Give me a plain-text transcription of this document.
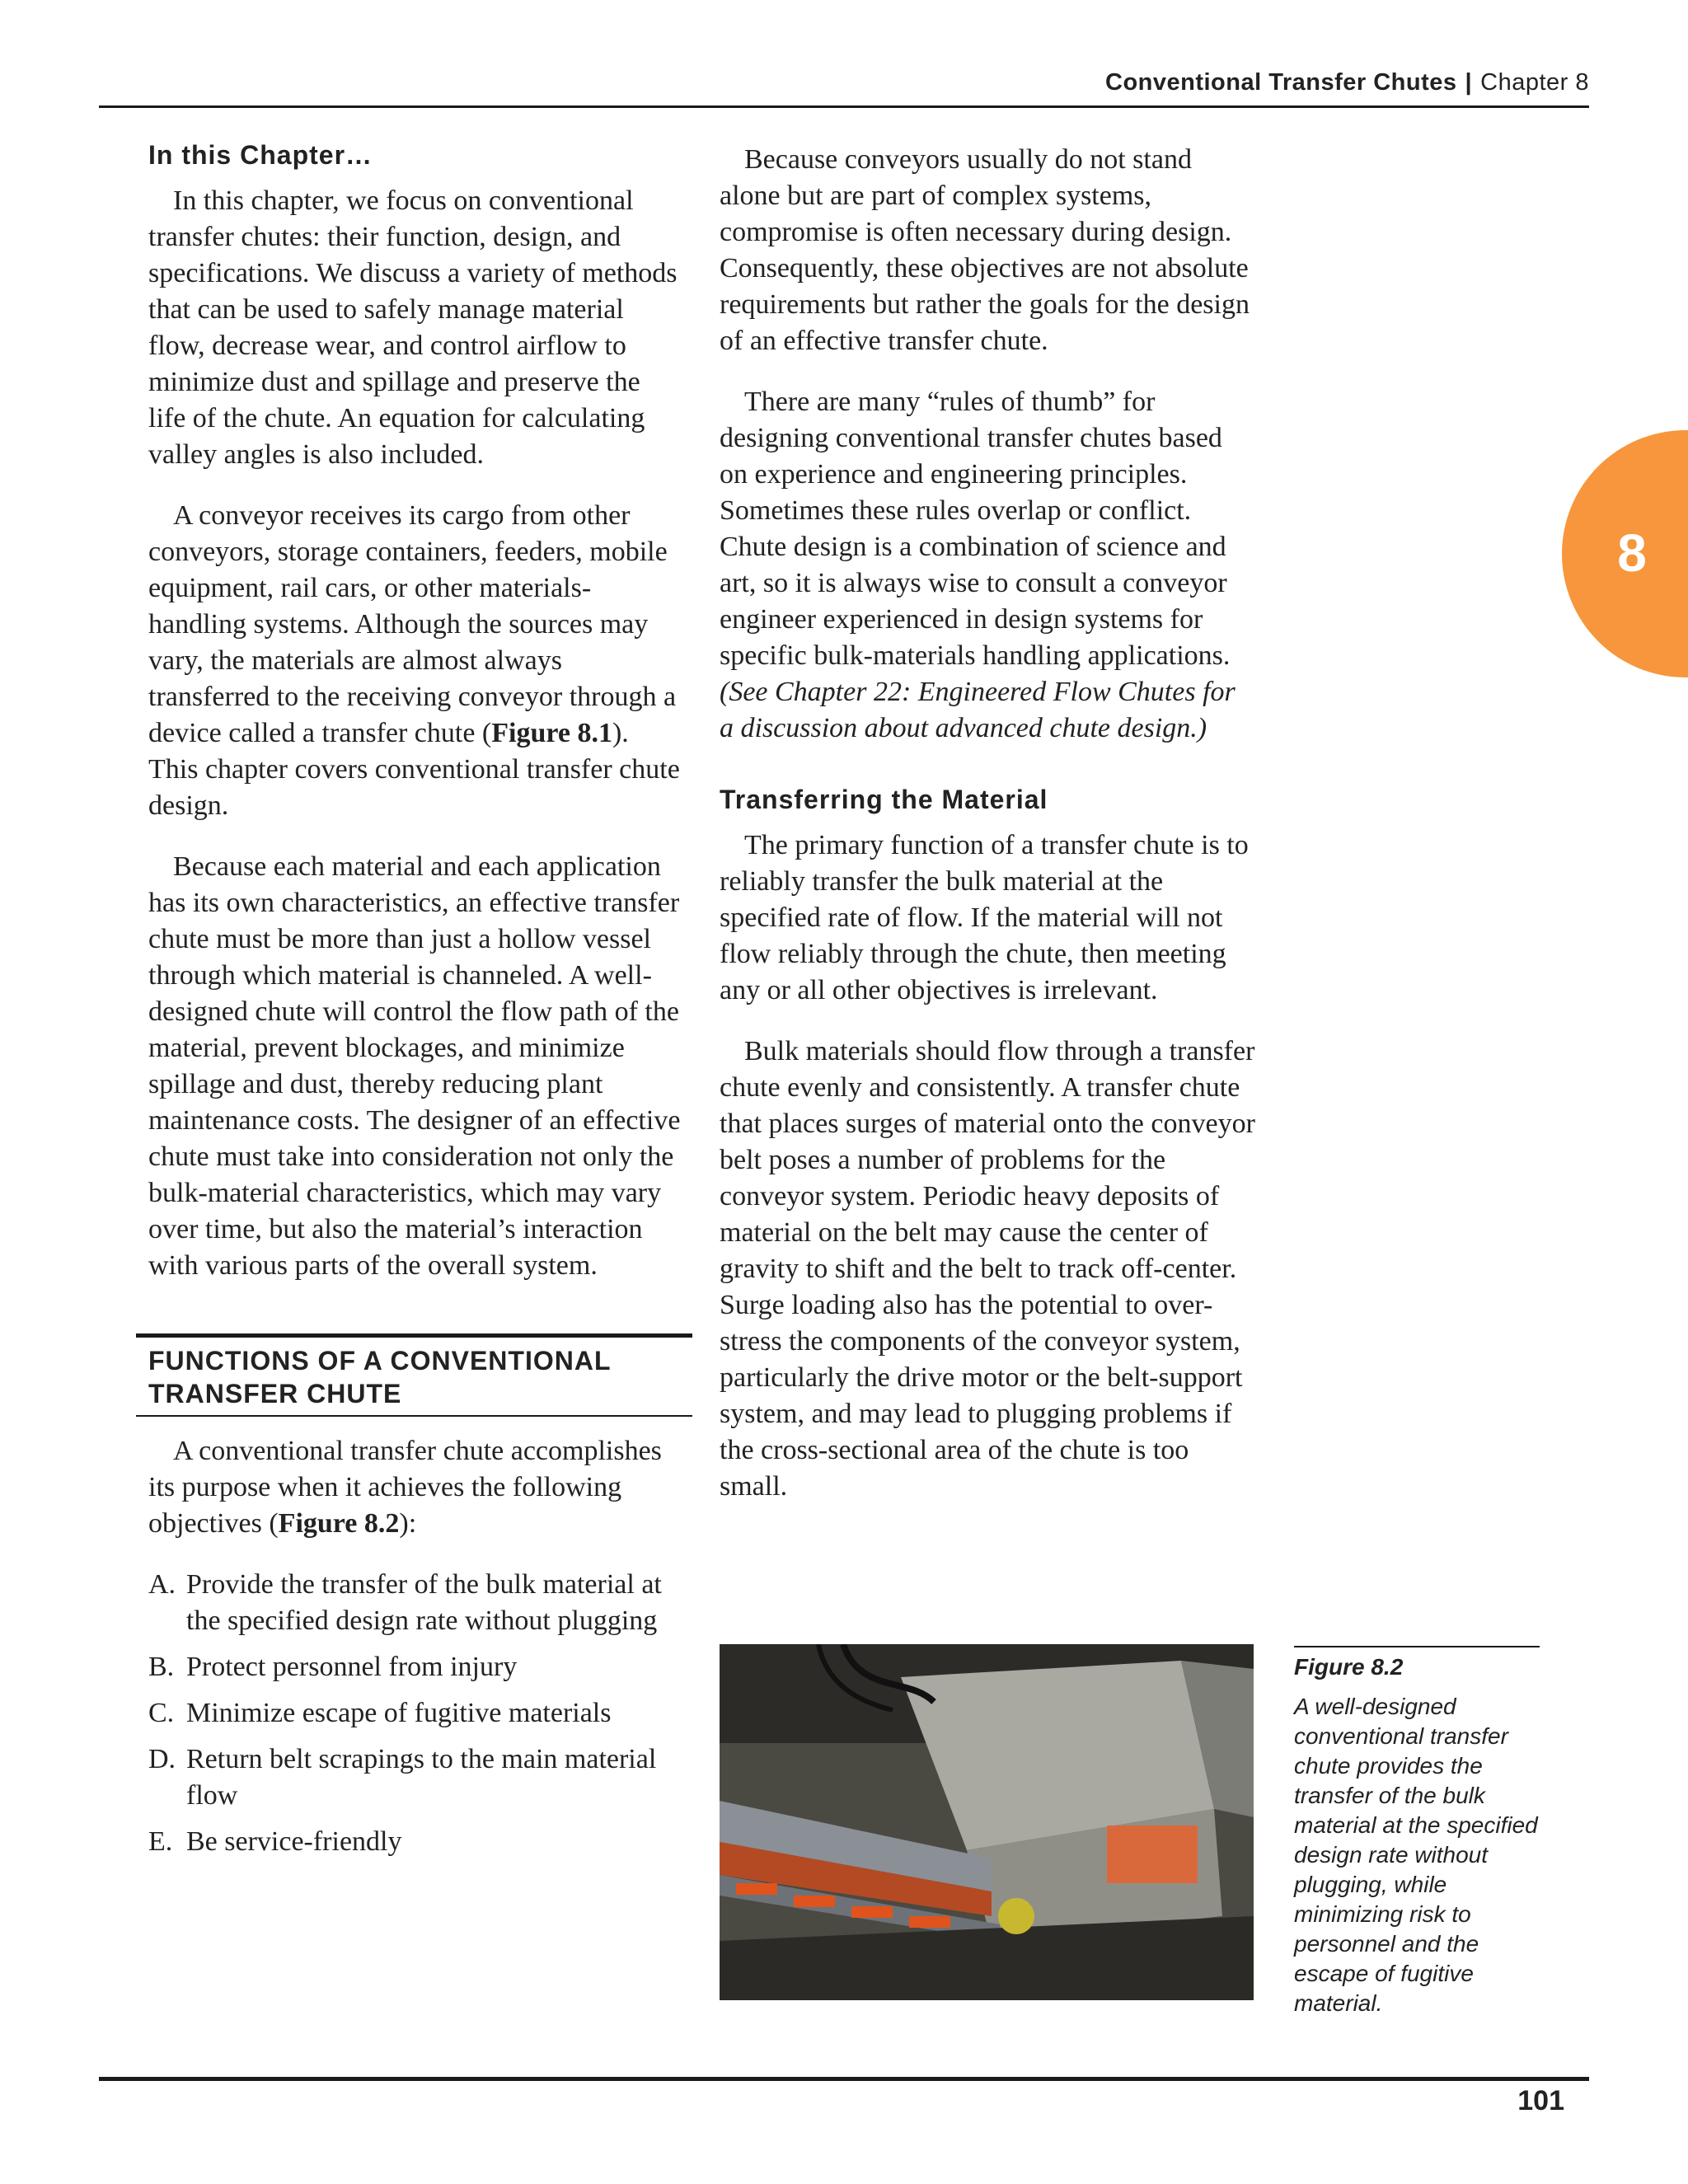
Conventional Transfer Chutes | Chapter 8
8
In this Chapter…

In this chapter, we focus on conventional transfer chutes: their function, design, and specifications. We discuss a variety of methods that can be used to safely manage material flow, decrease wear, and control airflow to minimize dust and spillage and preserve the life of the chute. An equation for calculating valley angles is also included.

A conveyor receives its cargo from other conveyors, storage containers, feeders, mobile equipment, rail cars, or other materials-handling systems. Although the sources may vary, the materials are almost always transferred to the receiving conveyor through a device called a transfer chute (Figure 8.1). This chapter covers conventional transfer chute design.

Because each material and each application has its own characteristics, an effective transfer chute must be more than just a hollow vessel through which material is channeled. A well-designed chute will control the flow path of the material, prevent blockages, and minimize spillage and dust, thereby reducing plant maintenance costs. The designer of an effective chute must take into consideration not only the bulk-material characteristics, which may vary over time, but also the material’s interaction with various parts of the overall system.

FUNCTIONS OF A CONVENTIONAL TRANSFER CHUTE

A conventional transfer chute accomplishes its purpose when it achieves the following objectives (Figure 8.2):

A. Provide the transfer of the bulk material at the specified design rate without plugging
B. Protect personnel from injury
C. Minimize escape of fugitive materials
D. Return belt scrapings to the main material flow
E. Be service-friendly

Because conveyors usually do not stand alone but are part of complex systems, compromise is often necessary during design. Consequently, these objectives are not absolute requirements but rather the goals for the design of an effective transfer chute.

There are many “rules of thumb” for designing conventional transfer chutes based on experience and engineering principles. Sometimes these rules overlap or conflict. Chute design is a combination of science and art, so it is always wise to consult a conveyor engineer experienced in design systems for specific bulk-materials handling applications. (See Chapter 22: Engineered Flow Chutes for a discussion about advanced chute design.)

Transferring the Material

The primary function of a transfer chute is to reliably transfer the bulk material at the specified rate of flow. If the material will not flow reliably through the chute, then meeting any or all other objectives is irrelevant.

Bulk materials should flow through a transfer chute evenly and consistently. A transfer chute that places surges of material onto the conveyor belt poses a number of problems for the conveyor system. Periodic heavy deposits of material on the belt may cause the center of gravity to shift and the belt to track off-center. Surge loading also has the potential to over-stress the components of the conveyor system, particularly the drive motor or the belt-support system, and may lead to plugging problems if the cross-sectional area of the chute is too small.

Figure 8.2
A well-designed conventional transfer chute provides the transfer of the bulk material at the specified design rate without plugging, while minimizing risk to personnel and the escape of fugitive material.
101
